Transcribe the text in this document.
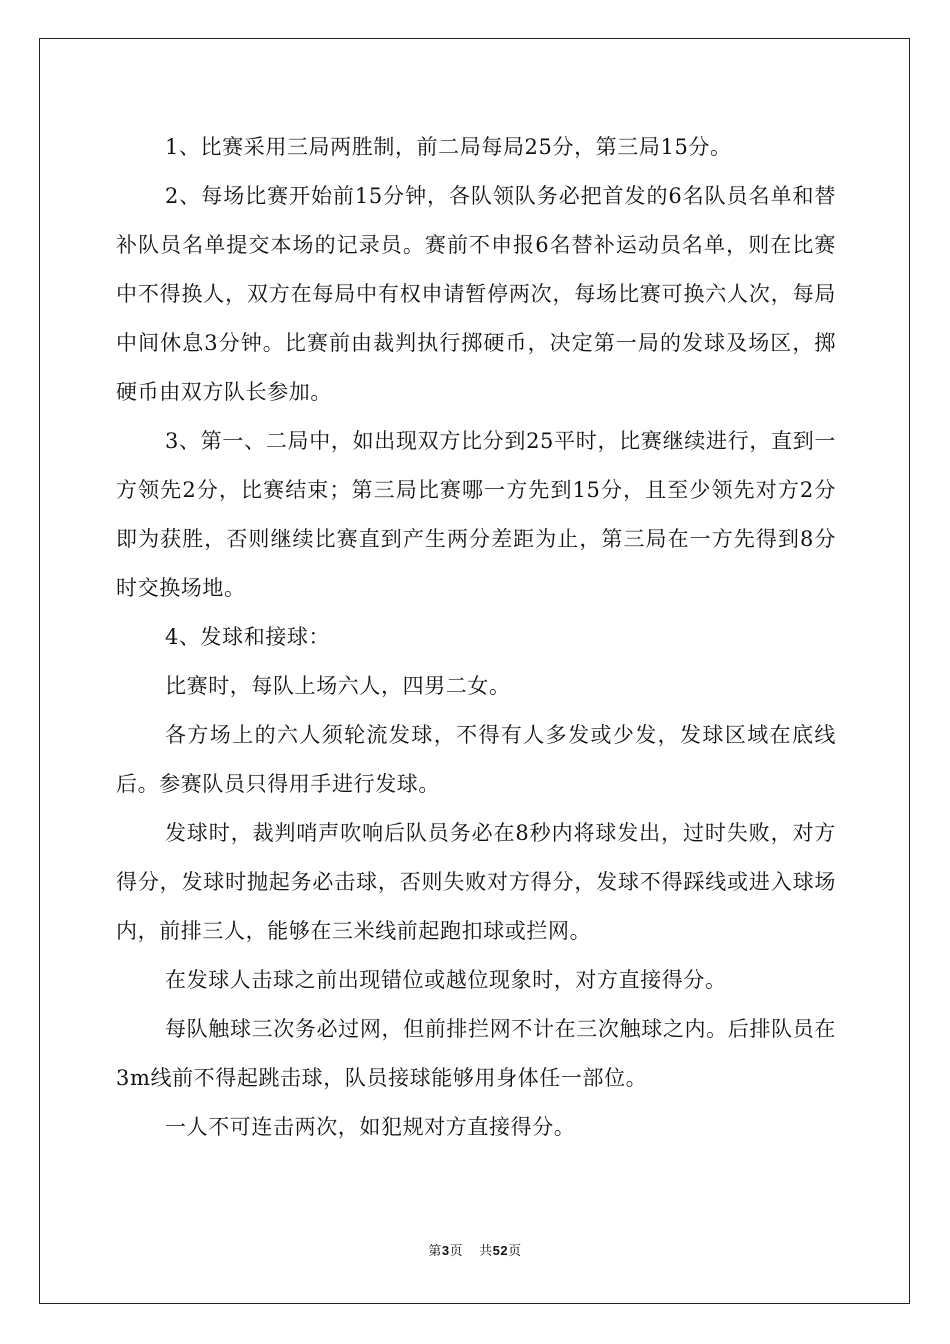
1、比赛采用三局两胜制，前二局每局25分，第三局15分。

2、每场比赛开始前15分钟，各队领队务必把首发的6名队员名单和替补队员名单提交本场的记录员。赛前不申报6名替补运动员名单，则在比赛中不得换人，双方在每局中有权申请暂停两次，每场比赛可换六人次，每局中间休息3分钟。比赛前由裁判执行掷硬币，决定第一局的发球及场区，掷硬币由双方队长参加。

3、第一、二局中，如出现双方比分到25平时，比赛继续进行，直到一方领先2分，比赛结束；第三局比赛哪一方先到15分，且至少领先对方2分即为获胜，否则继续比赛直到产生两分差距为止，第三局在一方先得到8分时交换场地。

4、发球和接球：

比赛时，每队上场六人，四男二女。

各方场上的六人须轮流发球，不得有人多发或少发，发球区域在底线后。参赛队员只得用手进行发球。

发球时，裁判哨声吹响后队员务必在8秒内将球发出，过时失败，对方得分，发球时抛起务必击球，否则失败对方得分，发球不得踩线或进入球场内，前排三人，能够在三米线前起跑扣球或拦网。

在发球人击球之前出现错位或越位现象时，对方直接得分。

每队触球三次务必过网，但前排拦网不计在三次触球之内。后排队员在3m线前不得起跳击球，队员接球能够用身体任一部位。

一人不可连击两次，如犯规对方直接得分。

第3页 共52页
